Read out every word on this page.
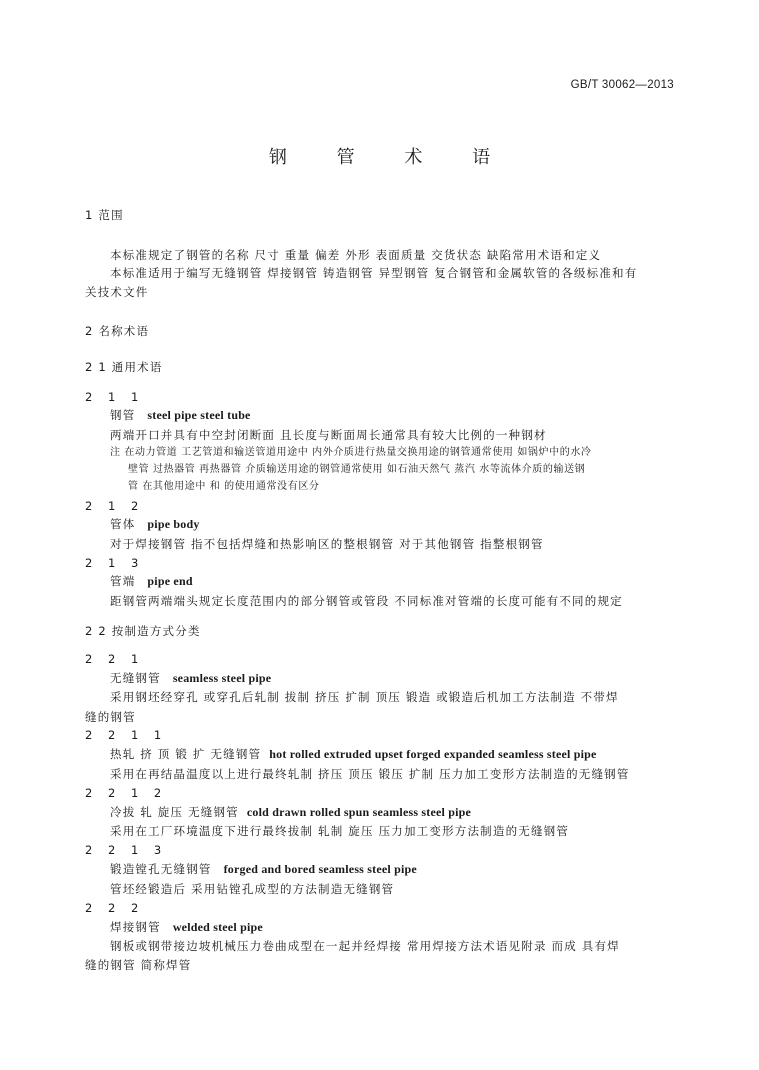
GB/T 30062—2013
钢 管 术 语
1 范围
本标准规定了钢管的名称 尺寸 重量 偏差 外形 表面质量 交货状态 缺陷常用术语和定义
本标准适用于编写无缝钢管 焊接钢管 铸造钢管 异型钢管 复合钢管和金属软管的各级标准和有
关技术文件
2 名称术语
2 1 通用术语
2 1 1
钢管 steel pipe steel tube
两端开口并具有中空封闭断面 且长度与断面周长通常具有较大比例的一种钢材
注 在动力管道 工艺管道和输送管道用途中 内外介质进行热量交换用途的钢管通常使用 如锅炉中的水冷
壁管 过热器管 再热器管 介质输送用途的钢管通常使用 如石油天然气 蒸汽 水等流体介质的输送钢
管 在其他用途中 和 的使用通常没有区分
2 1 2
管体 pipe body
对于焊接钢管 指不包括焊缝和热影响区的整根钢管 对于其他钢管 指整根钢管
2 1 3
管端 pipe end
距钢管两端端头规定长度范围内的部分钢管或管段 不同标准对管端的长度可能有不同的规定
2 2 按制造方式分类
2 2 1
无缝钢管 seamless steel pipe
采用钢坯经穿孔 或穿孔后轧制 拔制 挤压 扩制 顶压 锻造 或锻造后机加工方法制造 不带焊
缝的钢管
2 2 1 1
热轧 挤 顶 锻 扩 无缝钢管 hot rolled extruded upset forged expanded seamless steel pipe
采用在再结晶温度以上进行最终轧制 挤压 顶压 锻压 扩制 压力加工变形方法制造的无缝钢管
2 2 1 2
冷拔 轧 旋压 无缝钢管 cold drawn rolled spun seamless steel pipe
采用在工厂环境温度下进行最终拔制 轧制 旋压 压力加工变形方法制造的无缝钢管
2 2 1 3
锻造镗孔无缝钢管 forged and bored seamless steel pipe
管坯经锻造后 采用钻镗孔成型的方法制造无缝钢管
2 2 2
焊接钢管 welded steel pipe
钢板或钢带接边坡机械压力卷曲成型在一起并经焊接 常用焊接方法术语见附录 而成 具有焊
缝的钢管 简称焊管
